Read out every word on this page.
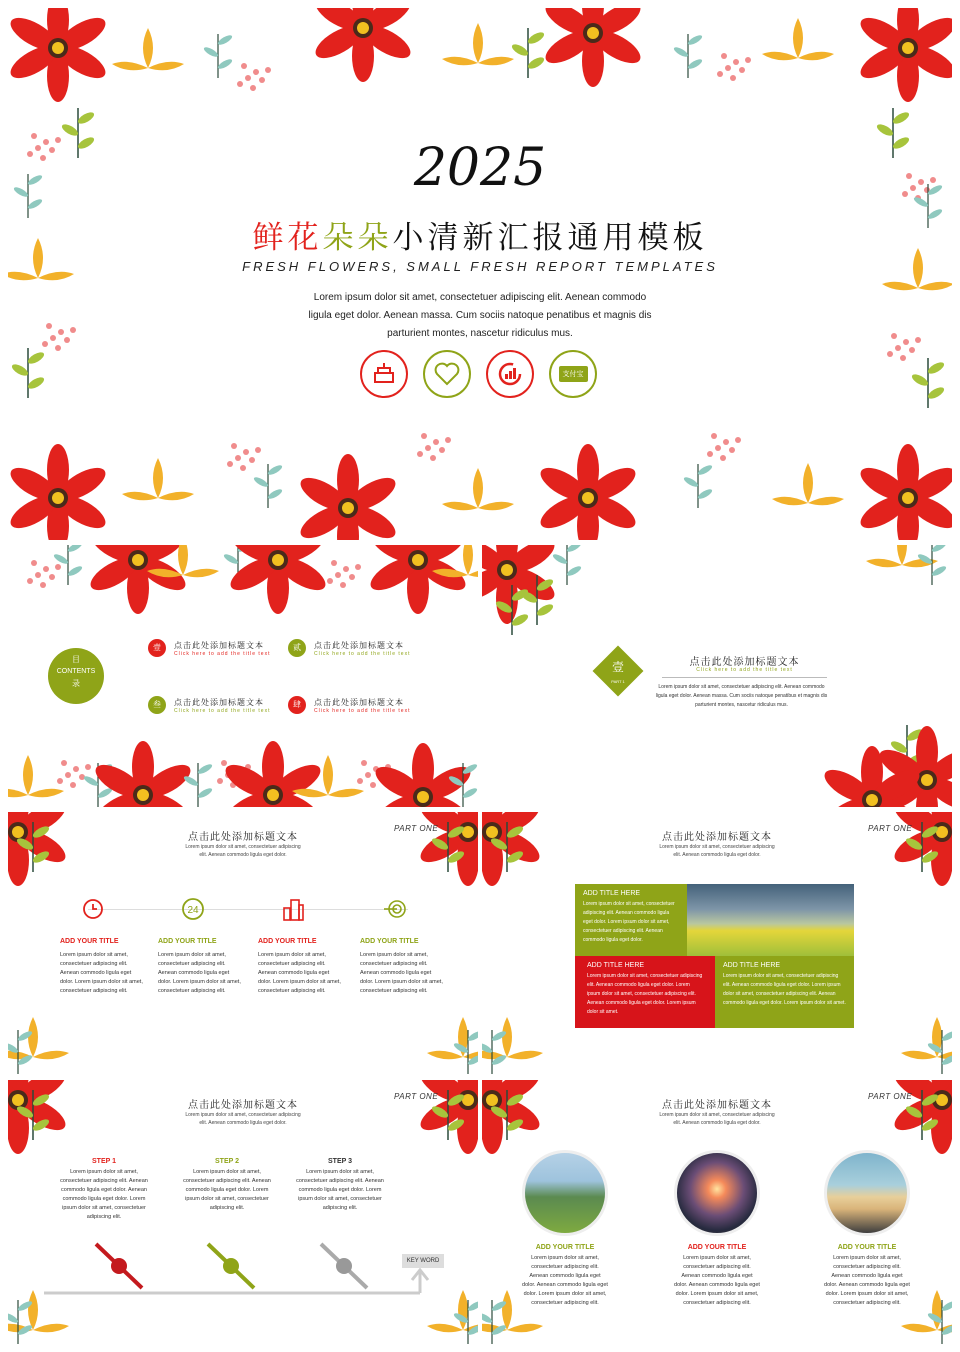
2025
鲜花朵朵小清新汇报通用模板
FRESH FLOWERS, SMALL FRESH REPORT TEMPLATES
Lorem ipsum dolor sit amet, consectetuer adipiscing elit. Aenean commodo ligula eget dolor. Aenean massa. Cum sociis natoque penatibus et magnis dis parturient montes, nascetur ridiculus mus.
支付宝
目
CONTENTS
录
壹	点击此处添加标题文本
Click here to add the title text
贰	点击此处添加标题文本
Click here to add the title text
叁	点击此处添加标题文本
Click here to add the title text
肆	点击此处添加标题文本
Click here to add the title text
壹
PART 1
点击此处添加标题文本
Click here to add the title text
Lorem ipsum dolor sit amet, consectetuer adipiscing elit. Aenean commodo ligula eget dolor. Aenean massa. Cum sociis natoque penatibus et magnis dis parturient montes, nascetur ridiculus mus.
PART ONE
点击此处添加标题文本
Lorem ipsum dolor sit amet, consectetuer adipiscing elit. Aenean commodo ligula eget dolor.
ADD YOUR TITLE
Lorem ipsum dolor sit amet, consectetuer adipiscing elit. Aenean commodo ligula eget dolor. Lorem ipsum dolor sit amet, consectetuer adipiscing elit.
24
ADD YOUR TITLE
Lorem ipsum dolor sit amet, consectetuer adipiscing elit. Aenean commodo ligula eget dolor. Lorem ipsum dolor sit amet, consectetuer adipiscing elit.
ADD YOUR TITLE
Lorem ipsum dolor sit amet, consectetuer adipiscing elit. Aenean commodo ligula eget dolor. Lorem ipsum dolor sit amet, consectetuer adipiscing elit.
ADD YOUR TITLE
Lorem ipsum dolor sit amet, consectetuer adipiscing elit. Aenean commodo ligula eget dolor. Lorem ipsum dolor sit amet, consectetuer adipiscing elit.
PART ONE
点击此处添加标题文本
Lorem ipsum dolor sit amet, consectetuer adipiscing elit. Aenean commodo ligula eget dolor.
ADD TITLE HERE
Lorem ipsum dolor sit amet, consectetuer adipiscing elit. Aenean commodo ligula eget dolor. Lorem ipsum dolor sit amet, consectetuer adipiscing elit. Aenean commodo ligula eget dolor.
ADD TITLE HERE
Lorem ipsum dolor sit amet, consectetuer adipiscing elit. Aenean commodo ligula eget dolor. Lorem ipsum dolor sit amet, consectetuer adipiscing elit. Aenean commodo ligula eget dolor. Lorem ipsum dolor sit amet.
ADD TITLE HERE
Lorem ipsum dolor sit amet, consectetuer adipiscing elit. Aenean commodo ligula eget dolor. Lorem ipsum dolor sit amet, consectetuer adipiscing elit. Aenean commodo ligula eget dolor. Lorem ipsum dolor sit amet.
PART ONE
点击此处添加标题文本
Lorem ipsum dolor sit amet, consectetuer adipiscing elit. Aenean commodo ligula eget dolor.
STEP 1
Lorem ipsum dolor sit amet, consectetuer adipiscing elit. Aenean commodo ligula eget dolor. Aenean commodo ligula eget dolor. Lorem ipsum dolor sit amet, consectetuer adipiscing elit.
STEP 2
Lorem ipsum dolor sit amet, consectetuer adipiscing elit. Aenean commodo ligula eget dolor. Lorem ipsum dolor sit amet, consectetuer adipiscing elit.
STEP 3
Lorem ipsum dolor sit amet, consectetuer adipiscing elit. Aenean commodo ligula eget dolor. Lorem ipsum dolor sit amet, consectetuer adipiscing elit.
KEY WORD
PART ONE
点击此处添加标题文本
Lorem ipsum dolor sit amet, consectetuer adipiscing elit. Aenean commodo ligula eget dolor.
ADD YOUR TITLE
Lorem ipsum dolor sit amet, consectetuer adipiscing elit. Aenean commodo ligula eget dolor. Aenean commodo ligula eget dolor. Lorem ipsum dolor sit amet, consectetuer adipiscing elit.
ADD YOUR TITLE
Lorem ipsum dolor sit amet, consectetuer adipiscing elit. Aenean commodo ligula eget dolor. Aenean commodo ligula eget dolor. Lorem ipsum dolor sit amet, consectetuer adipiscing elit.
ADD YOUR TITLE
Lorem ipsum dolor sit amet, consectetuer adipiscing elit. Aenean commodo ligula eget dolor. Aenean commodo ligula eget dolor. Lorem ipsum dolor sit amet, consectetuer adipiscing elit.
